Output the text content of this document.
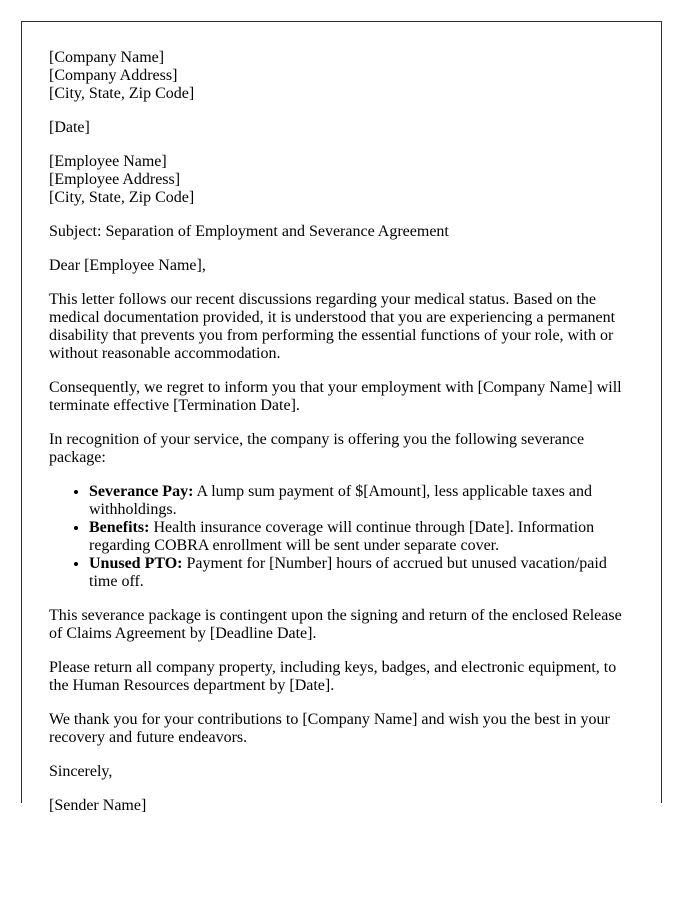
[Company Name]
[Company Address]
[City, State, Zip Code]
[Date]
[Employee Name]
[Employee Address]
[City, State, Zip Code]
Subject: Separation of Employment and Severance Agreement
Dear [Employee Name],
This letter follows our recent discussions regarding your medical status. Based on the medical documentation provided, it is understood that you are experiencing a permanent disability that prevents you from performing the essential functions of your role, with or without reasonable accommodation.
Consequently, we regret to inform you that your employment with [Company Name] will terminate effective [Termination Date].
In recognition of your service, the company is offering you the following severance package:
• Severance Pay: A lump sum payment of $[Amount], less applicable taxes and withholdings.
• Benefits: Health insurance coverage will continue through [Date]. Information regarding COBRA enrollment will be sent under separate cover.
• Unused PTO: Payment for [Number] hours of accrued but unused vacation/paid time off.
This severance package is contingent upon the signing and return of the enclosed Release of Claims Agreement by [Deadline Date].
Please return all company property, including keys, badges, and electronic equipment, to the Human Resources department by [Date].
We thank you for your contributions to [Company Name] and wish you the best in your recovery and future endeavors.
Sincerely,
[Sender Name]
